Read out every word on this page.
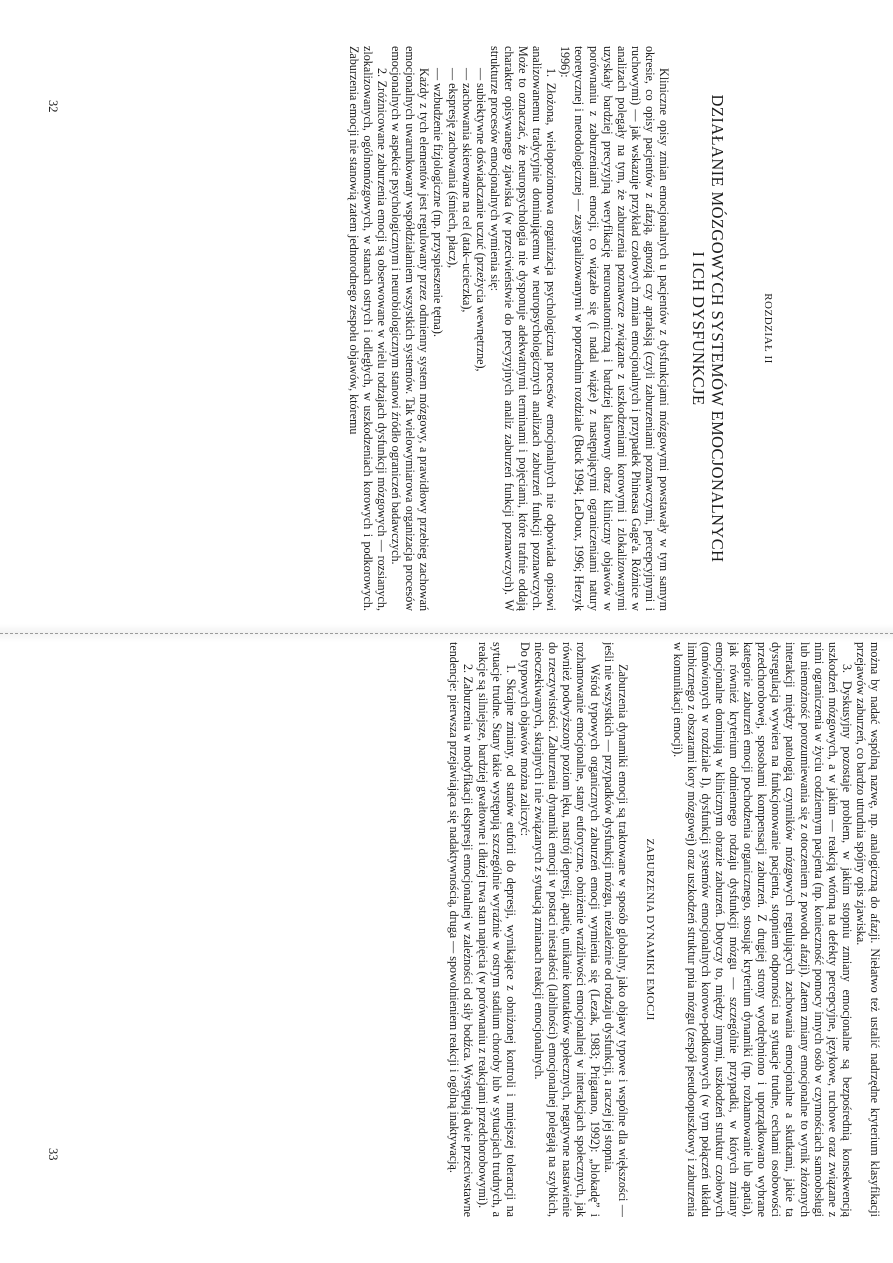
ROZDZIAŁ II
DZIAŁANIE MÓZGOWYCH SYSTEMÓW EMOCJONALNYCH
I ICH DYSFUNKCJE

Kliniczne opisy zmian emocjonalnych u pacjentów z dysfunkcjami mózgowymi powstawały w tym samym okresie, co opisy pacjentów z afazją, agnozją czy apraksją (czyli zaburzeniami poznawczymi, percepcyjnymi i ruchowymi) — jak wskazuje przykład czołowych zmian emocjonalnych i przypadek Phineasa Gage'a. Różnice w analizach polegały na tym, że zaburzenia poznawcze związane z uszkodzeniami korowymi i zlokalizowanymi uzyskały bardziej precyzyjną weryfikację neuroanatomiczną i bardziej klarowny obraz kliniczny objawów w porównaniu z zaburzeniami emocji, co wiązało się (i nadal wiąże) z następującymi ograniczeniami natury teoretycznej i metodologicznej — zasygnalizowanymi w poprzednim rozdziale (Buck 1994; LeDoux, 1996; Herzyk 1996):

1. Złożona, wielopoziomowa organizacja psychologiczna procesów emocjonalnych nie odpowiada opisowi analizowanemu tradycyjnie dominującemu w neuropsychologicznych analizach zaburzeń funkcji poznawczych. Może to oznaczać, że neuropsychologia nie dysponuje adekwatnymi terminami i pojęciami, które trafnie oddają charakter opisywanego zjawiska (w przeciwieństwie do precyzyjnych analiz zaburzeń funkcji poznawczych). W strukturze procesów emocjonalnych wymienia się:

— subiektywne doświadczanie uczuć (przeżycia wewnętrzne),

— zachowania skierowane na cel (atak–ucieczka),

— ekspresję zachowania (śmiech, płacz),

— wzbudzenie fizjologiczne (np. przyspieszenie tętna).

Każdy z tych elementów jest regulowany przez odmienny system mózgowy, a prawidłowy przebieg zachowań emocjonalnych uwarunkowany współdziałaniem wszystkich systemów. Tak wielowymiarowa organizacja procesów emocjonalnych w aspekcie psychologicznym i neurobiologicznym stanowi źródło ograniczeń badawczych.

2. Zróżnicowane zaburzenia emocji są obserwowane w wielu rodzajach dysfunkcji mózgowych — rozsianych, zlokalizowanych, ogólnomózgowych, w stanach ostrych i odległych, w uszkodzeniach korowych i podkorowych. Zaburzenia emocji nie stanowią zatem jednorodnego zespołu objawów, któremu

można by nadać wspólną nazwę, np. analogiczną do afazji. Niełatwo też ustalić nadrzędne kryterium klasyfikacji przejawów zaburzeń, co bardzo utrudnia spójny opis zjawiska.

3. Dyskusyjny pozostaje problem, w jakim stopniu zmiany emocjonalne są bezpośrednią konsekwencją uszkodzeń mózgowych, a w jakim — reakcją wtórną na defekty percepcyjne, językowe, ruchowe oraz związane z nimi ograniczenia w życiu codziennym pacjenta (np. konieczność pomocy innych osób w czynnościach samoobsługi lub niemożność porozumiewania się z otoczeniem z powodu afazji). Zatem zmiany emocjonalne to wynik złożonych interakcji między patologią czynników mózgowych regulujących zachowania emocjonalne a skutkami, jakie ta dysregulacja wywiera na funkcjonowanie pacjenta, stopniem odporności na sytuacje trudne, cechami osobowości przedchorobowej, sposobami kompensacji zaburzeń. Z drugiej strony wyodrębniono i uporządkowano wybrane kategorie zaburzeń emocji pochodzenia organicznego, stosując kryterium dynamiki (np. rozhamowanie lub apatia), jak również kryterium odmiennego rodzaju dysfunkcji mózgu — szczególnie przypadki, w których zmiany emocjonalne dominują w klinicznym obrazie zaburzeń. Dotyczy to, między innymi, uszkodzeń struktur czołowych (omówionych w rozdziale I), dysfunkcji systemów emocjonalnych korowo-podkorowych (w tym połączeń układu limbicznego z obszarami kory mózgowej) oraz uszkodzeń struktur pnia mózgu (zespół pseudoopuszkowy i zaburzenia w komunikacji emocji).

ZABURZENIA DYNAMIKI EMOCJI

Zaburzenia dynamiki emocji są traktowane w sposób globalny, jako objawy typowe i wspólne dla większości — jeśli nie wszystkich — przypadków dysfunkcji mózgu, niezależnie od rodzaju dysfunkcji, a raczej jej stopnia.

Wśród typowych organicznych zaburzeń emocji wymienia się (Lezak, 1983; Prigatano, 1992): „blokadę” i rozhamowanie emocjonalne, stany euforyczne, obniżenie wrażliwości emocjonalnej w interakcjach społecznych, jak również podwyższony poziom lęku, nastrój depresji, apatię, unikanie kontaktów społecznych, negatywne nastawienie do rzeczywistości. Zaburzenia dynamiki emocji w postaci niestałości (labilności) emocjonalnej polegają na szybkich, nieoczekiwanych, skrajnych i nie związanych z sytuacją zmianach reakcji emocjonalnych.

Do typowych objawów można zaliczyć:

1. Skrajne zmiany, od stanów euforii do depresji, wynikające z obniżonej kontroli i mniejszej tolerancji na sytuacje trudne. Stany takie występują szczególnie wyraźnie w ostrym stadium choroby lub w sytuacjach trudnych, a reakcje są silniejsze, bardziej gwałtowne i dłużej trwa stan napięcia (w porównaniu z reakcjami przedchorobowymi).

2. Zaburzenia w modyfikacji ekspresji emocjonalnej w zależności od siły bodźca. Występują dwie przeciwstawne tendencje: pierwsza przejawiająca się nadaktywnością, druga — spowolnieniem reakcji i ogólną inaktywacją.

32
33
